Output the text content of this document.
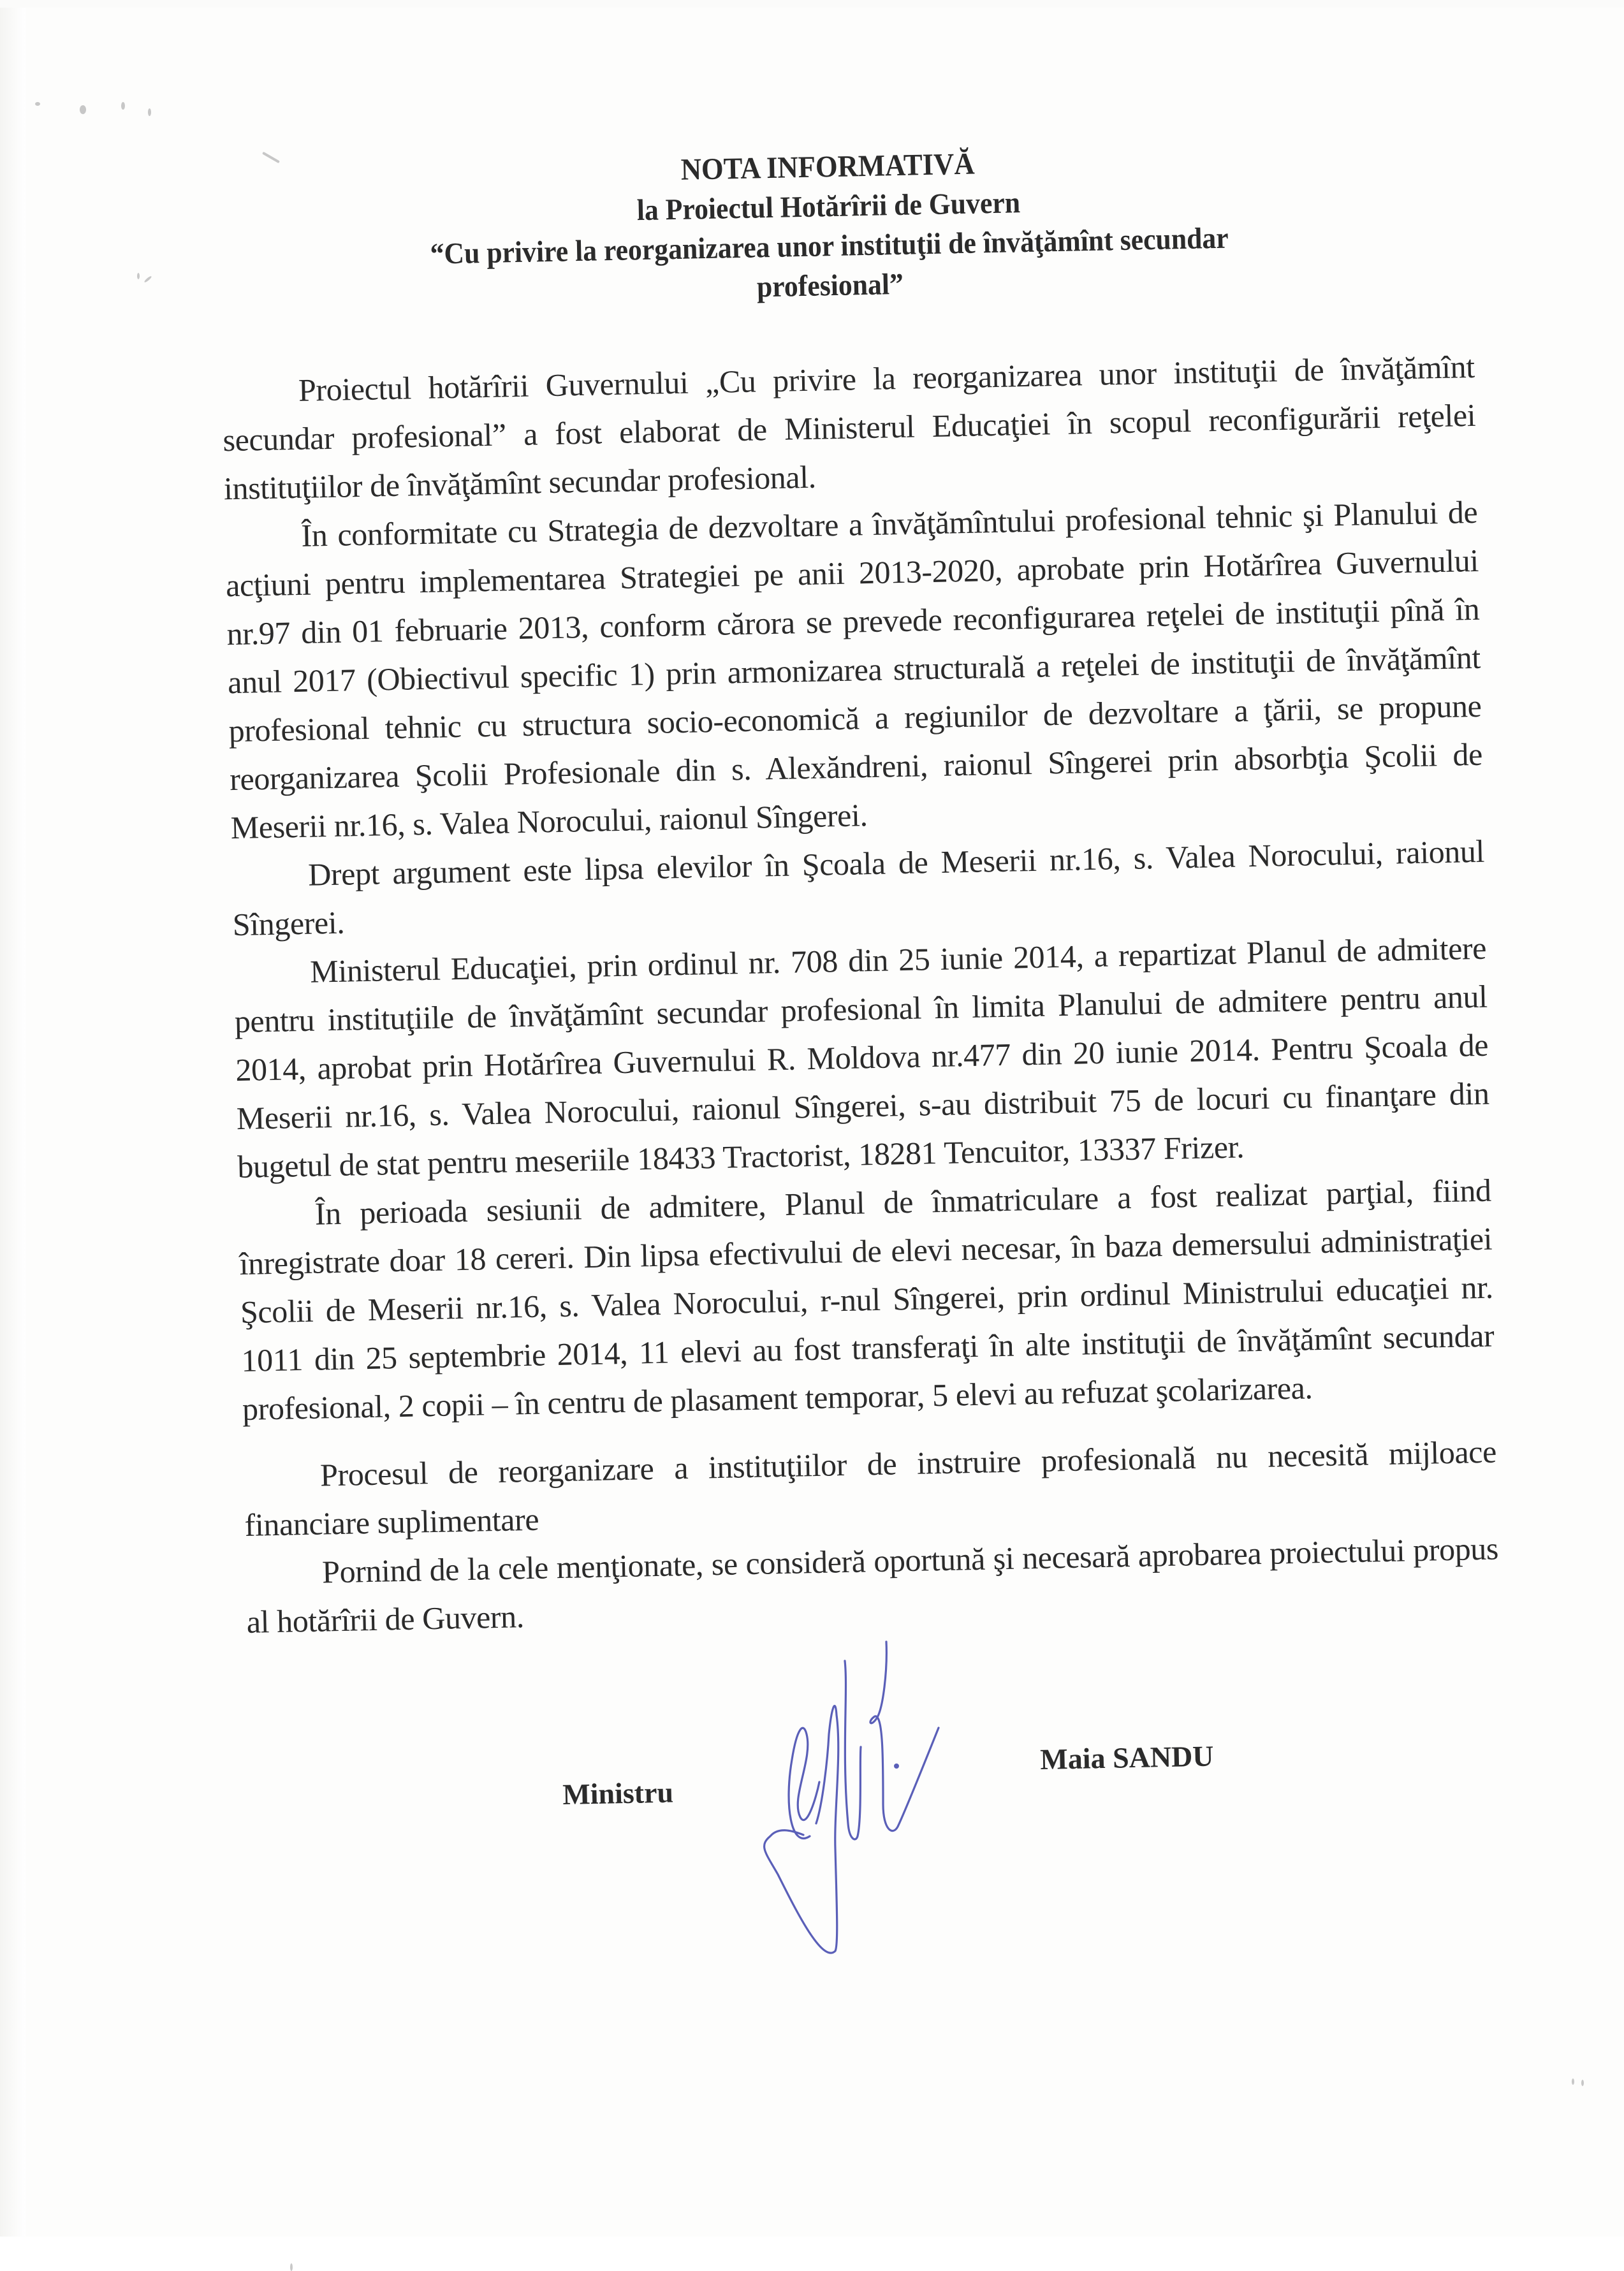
NOTA INFORMATIVĂ
la Proiectul Hotărîrii de Guvern
“Cu privire la reorganizarea unor instituţii de învăţămînt secundar
profesional”

Proiectul hotărîrii Guvernului „Cu privire la reorganizarea unor instituţii de învăţămînt secundar profesional” a fost elaborat de Ministerul Educaţiei în scopul reconfigurării reţelei instituţiilor de învăţămînt secundar profesional.

În conformitate cu Strategia de dezvoltare a învăţămîntului profesional tehnic şi Planului de acţiuni pentru implementarea Strategiei pe anii 2013-2020, aprobate prin Hotărîrea Guvernului nr.97 din 01 februarie 2013, conform cărora se prevede reconfigurarea reţelei de instituţii pînă în anul 2017 (Obiectivul specific 1) prin armonizarea structurală a reţelei de instituţii de învăţămînt profesional tehnic cu structura socio-economică a regiunilor de dezvoltare a ţării, se propune reorganizarea Şcolii Profesionale din s. Alexăndreni, raionul Sîngerei prin absorbţia Şcolii de Meserii nr.16, s. Valea Norocului, raionul Sîngerei.

Drept argument este lipsa elevilor în Şcoala de Meserii nr.16, s. Valea Norocului, raionul Sîngerei.

Ministerul Educaţiei, prin ordinul nr. 708 din 25 iunie 2014, a repartizat Planul de admitere pentru instituţiile de învăţămînt secundar profesional în limita Planului de admitere pentru anul 2014, aprobat prin Hotărîrea Guvernului R. Moldova nr.477 din 20 iunie 2014. Pentru Şcoala de Meserii nr.16, s. Valea Norocului, raionul Sîngerei, s-au distribuit 75 de locuri cu finanţare din bugetul de stat pentru meseriile 18433 Tractorist, 18281 Tencuitor, 13337 Frizer.

În perioada sesiunii de admitere, Planul de înmatriculare a fost realizat parţial, fiind înregistrate doar 18 cereri. Din lipsa efectivului de elevi necesar, în baza demersului administraţiei Şcolii de Meserii nr.16, s. Valea Norocului, r-nul Sîngerei, prin ordinul Ministrului educaţiei nr. 1011 din 25 septembrie 2014, 11 elevi au fost transferaţi în alte instituţii de învăţămînt secundar profesional, 2 copii – în centru de plasament temporar, 5 elevi au refuzat şcolarizarea.

Procesul de reorganizare a instituţiilor de instruire profesională nu necesită mijloace financiare suplimentare

Pornind de la cele menţionate, se consideră oportună şi necesară aprobarea proiectului propus al hotărîrii de Guvern.

Ministru
Maia SANDU
